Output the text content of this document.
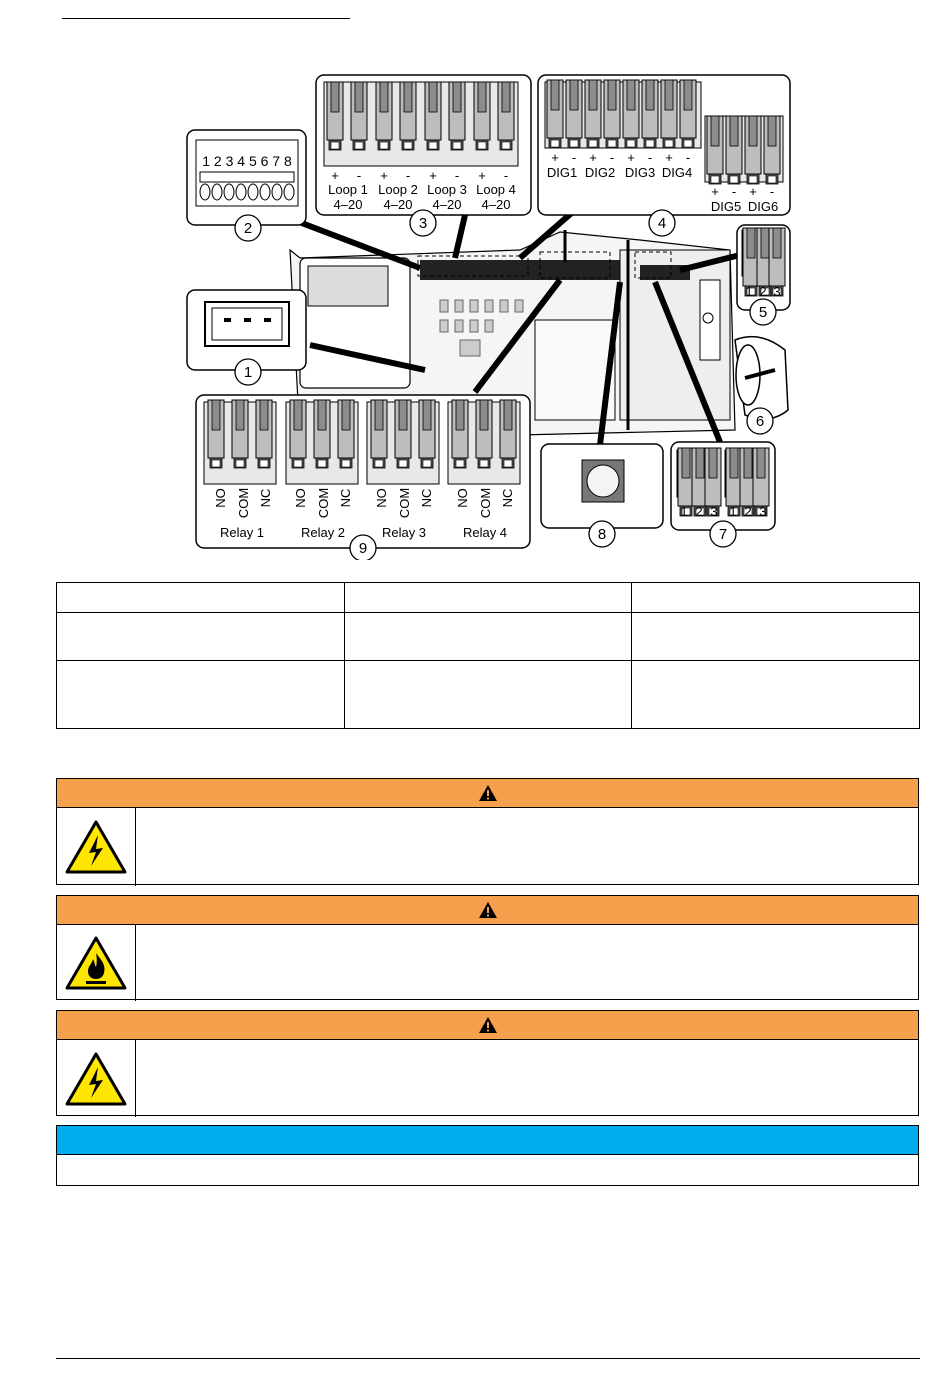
1 2 3 4 5 6 7 8
+ - + - + - + -
Loop 1 Loop 2 Loop 3 Loop 4
4–20 4–20 4–20 4–20
+ - + - + - + -
DIG1 DIG2 DIG3 DIG4
+ - + -
DIG5 DIG6
1 2 3
1 2 3 1 2 3
NO COM NC NO COM NC NO COM NC NO COM NC
Relay 1	Relay 2	Relay 3	Relay 4
1
2	3	4
5
6
7
8
9
